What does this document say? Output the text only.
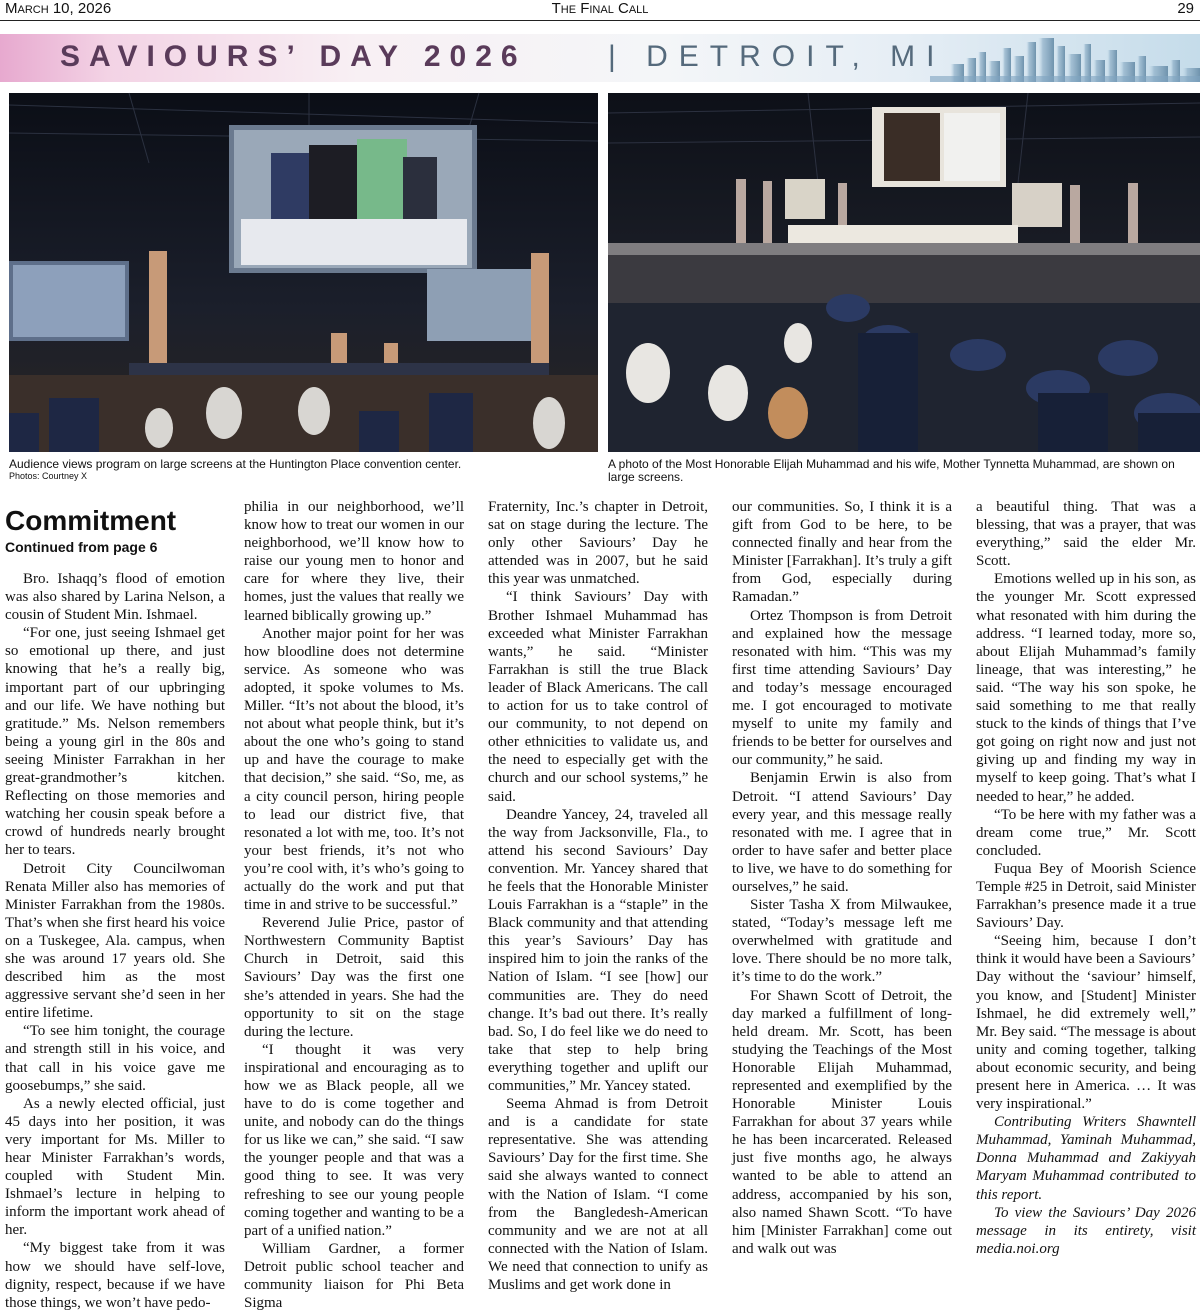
March 10, 2026	The Final Call	29
SAVIOURS’ DAY 2026	| DETROIT, MI
Audience views program on large screens at the Huntington Place convention center.
Photos: Courtney X
A photo of the Most Honorable Elijah Muhammad and his wife, Mother Tynnetta Muhammad, are shown on large screens.
Commitment
Continued from page 6

Bro. Ishaqq’s flood of emotion was also shared by Larina Nelson, a cousin of Student Min. Ishmael.

“For one, just seeing Ishmael get so emotional up there, and just knowing that he’s a really big, important part of our upbringing and our life. We have nothing but gratitude.” Ms. Nelson remembers being a young girl in the 80s and seeing Minister Farrakhan in her great-grandmother’s kitchen. Reflecting on those memories and watching her cousin speak before a crowd of hundreds nearly brought her to tears.

Detroit City Councilwoman Renata Miller also has memories of Minister Farrakhan from the 1980s. That’s when she first heard his voice on a Tuskegee, Ala. campus, when she was around 17 years old. She described him as the most aggressive servant she’d seen in her entire lifetime.

“To see him tonight, the courage and strength still in his voice, and that call in his voice gave me goosebumps,” she said.

As a newly elected official, just 45 days into her position, it was very important for Ms. Miller to hear Minister Farrakhan’s words, coupled with Student Min. Ishmael’s lecture in helping to inform the important work ahead of her.

“My biggest take from it was how we should have self-love, dignity, respect, because if we have those things, we won’t have pedo-

philia in our neighborhood, we’ll know how to treat our women in our neighborhood, we’ll know how to raise our young men to honor and care for where they live, their homes, just the values that really we learned biblically growing up.”

Another major point for her was how bloodline does not determine service. As someone who was adopted, it spoke volumes to Ms. Miller. “It’s not about the blood, it’s not about what people think, but it’s about the one who’s going to stand up and have the courage to make that decision,” she said. “So, me, as a city council person, hiring people to lead our district five, that resonated a lot with me, too. It’s not your best friends, it’s not who you’re cool with, it’s who’s going to actually do the work and put that time in and strive to be successful.”

Reverend Julie Price, pastor of Northwestern Community Baptist Church in Detroit, said this Saviours’ Day was the first one she’s attended in years. She had the opportunity to sit on the stage during the lecture.

“I thought it was very inspirational and encouraging as to how we as Black people, all we have to do is come together and unite, and nobody can do the things for us like we can,” she said. “I saw the younger people and that was a good thing to see. It was very refreshing to see our young people coming together and wanting to be a part of a unified nation.”

William Gardner, a former Detroit public school teacher and community liaison for Phi Beta Sigma

Fraternity, Inc.’s chapter in Detroit, sat on stage during the lecture. The only other Saviours’ Day he attended was in 2007, but he said this year was unmatched.

“I think Saviours’ Day with Brother Ishmael Muhammad has exceeded what Minister Farrakhan wants,” he said. “Minister Farrakhan is still the true Black leader of Black Americans. The call to action for us to take control of our community, to not depend on other ethnicities to validate us, and the need to especially get with the church and our school systems,” he said.

Deandre Yancey, 24, traveled all the way from Jacksonville, Fla., to attend his second Saviours’ Day convention. Mr. Yancey shared that he feels that the Honorable Minister Louis Farrakhan is a “staple” in the Black community and that attending this year’s Saviours’ Day has inspired him to join the ranks of the Nation of Islam. “I see [how] our communities are. They do need change. It’s bad out there. It’s really bad. So, I do feel like we do need to take that step to help bring everything together and uplift our communities,” Mr. Yancey stated.

Seema Ahmad is from Detroit and is a candidate for state representative. She was attending Saviours’ Day for the first time. She said she always wanted to connect with the Nation of Islam. “I come from the Bangledesh-American community and we are not at all connected with the Nation of Islam. We need that connection to unify as Muslims and get work done in

our communities. So, I think it is a gift from God to be here, to be connected finally and hear from the Minister [Farrakhan]. It’s truly a gift from God, especially during Ramadan.”

Ortez Thompson is from Detroit and explained how the message resonated with him. “This was my first time attending Saviours’ Day and today’s message encouraged me. I got encouraged to motivate myself to unite my family and friends to be better for ourselves and our community,” he said.

Benjamin Erwin is also from Detroit. “I attend Saviours’ Day every year, and this message really resonated with me. I agree that in order to have safer and better place to live, we have to do something for ourselves,” he said.

Sister Tasha X from Milwaukee, stated, “Today’s message left me overwhelmed with gratitude and love. There should be no more talk, it’s time to do the work.”

For Shawn Scott of Detroit, the day marked a fulfillment of long-held dream. Mr. Scott, has been studying the Teachings of the Most Honorable Elijah Muhammad, represented and exemplified by the Honorable Minister Louis Farrakhan for about 37 years while he has been incarcerated. Released just five months ago, he always wanted to be able to attend an address, accompanied by his son, also named Shawn Scott. “To have him [Minister Farrakhan] come out and walk out was

a beautiful thing. That was a blessing, that was a prayer, that was everything,” said the elder Mr. Scott.

Emotions welled up in his son, as the younger Mr. Scott expressed what resonated with him during the address. “I learned today, more so, about Elijah Muhammad’s family lineage, that was interesting,” he said. “The way his son spoke, he said something to me that really stuck to the kinds of things that I’ve got going on right now and just not giving up and finding my way in myself to keep going. That’s what I needed to hear,” he added.

“To be here with my father was a dream come true,” Mr. Scott concluded.

Fuqua Bey of Moorish Science Temple #25 in Detroit, said Minister Farrakhan’s presence made it a true Saviours’ Day.

“Seeing him, because I don’t think it would have been a Saviours’ Day without the ‘saviour’ himself, you know, and [Student] Minister Ishmael, he did extremely well,” Mr. Bey said. “The message is about unity and coming together, talking about economic security, and being present here in America. … It was very inspirational.”

Contributing Writers Shawntell Muhammad, Yaminah Muhammad, Donna Muhammad and Zakiyyah Maryam Muhammad contributed to this report.

To view the Saviours’ Day 2026 message in its entirety, visit media.noi.org
